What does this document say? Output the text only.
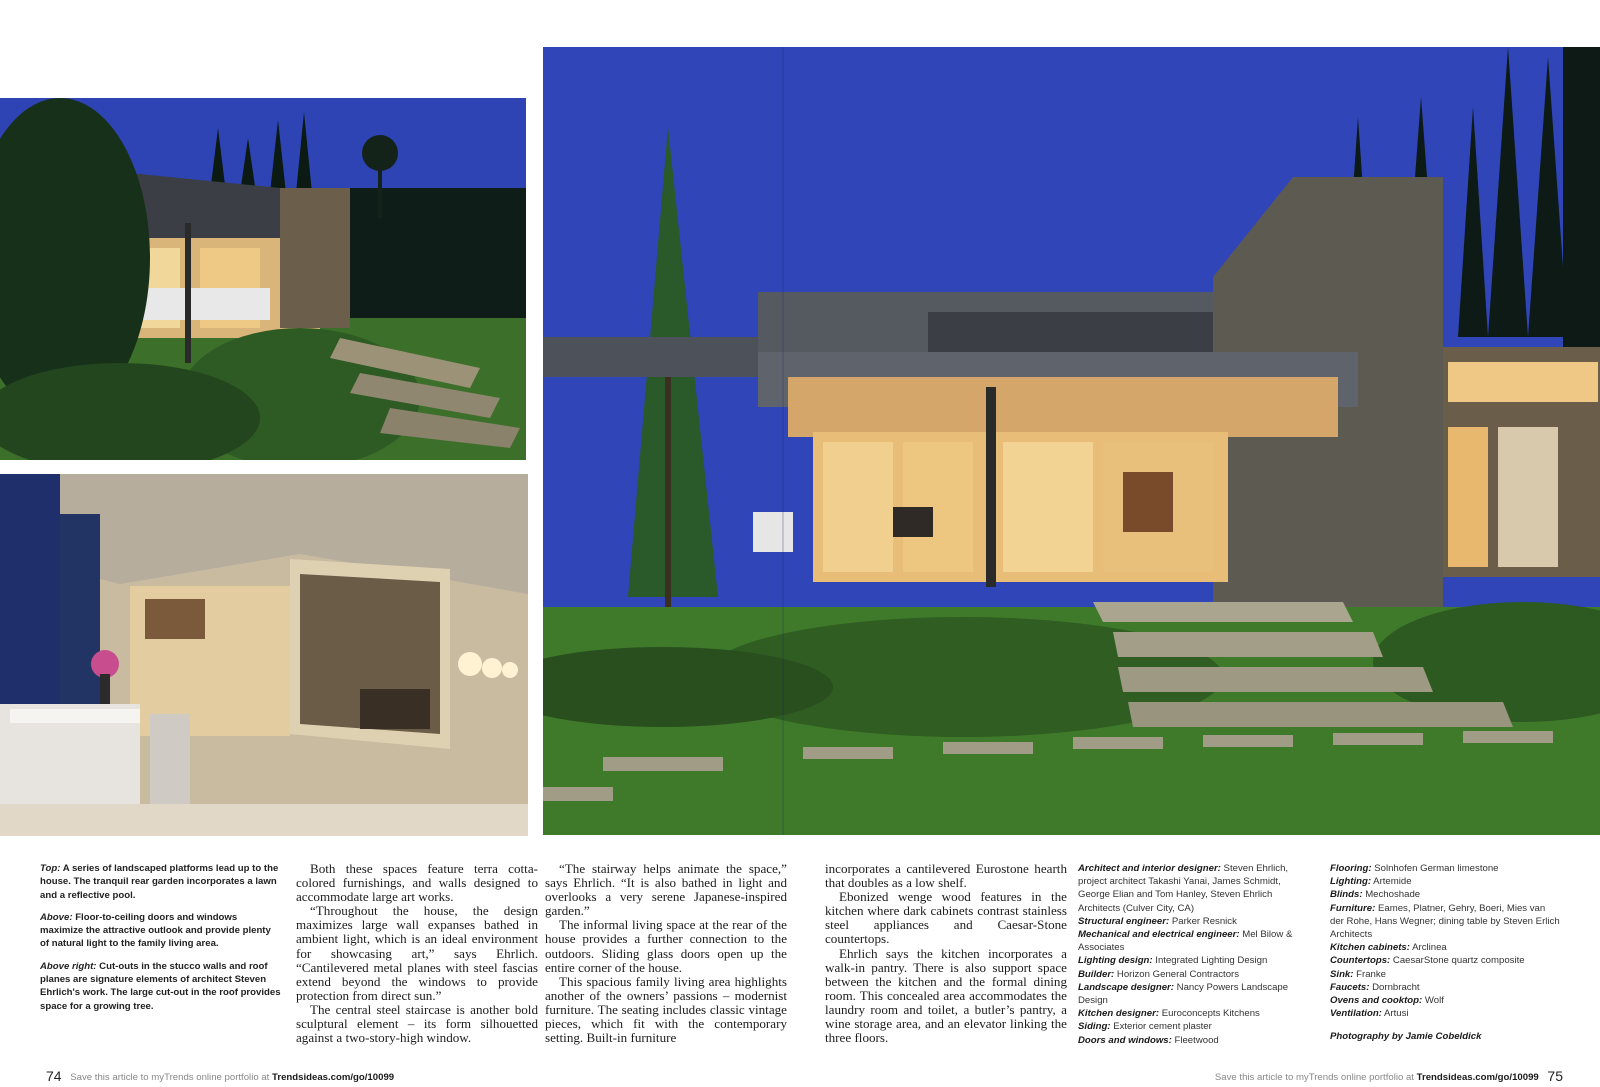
Top: A series of landscaped platforms lead up to the house. The tranquil rear garden incorporates a lawn and a reflective pool.

Above: Floor-to-ceiling doors and windows maximize the attractive outlook and provide plenty of natural light to the family living area.

Above right: Cut-outs in the stucco walls and roof planes are signature elements of architect Steven Ehrlich's work. The large cut-out in the roof provides space for a growing tree.

Both these spaces feature terra cotta-colored furnishings, and walls designed to accommodate large art works.

“Throughout the house, the design maximizes large wall expanses bathed in ambient light, which is an ideal environment for showcasing art,” says Ehrlich. “Cantilevered metal planes with steel fascias extend beyond the windows to provide protection from direct sun.”

The central steel staircase is another bold sculptural element – its form silhouetted against a two-story-high window.

“The stairway helps animate the space,” says Ehrlich. “It is also bathed in light and overlooks a very serene Japanese-inspired garden.”

The informal living space at the rear of the house provides a further connection to the outdoors. Sliding glass doors open up the entire corner of the house.

This spacious family living area highlights another of the owners’ passions – modernist furniture. The seating includes classic vintage pieces, which fit with the contemporary setting. Built-in furniture

incorporates a cantilevered Eurostone hearth that doubles as a low shelf.

Ebonized wenge wood features in the kitchen where dark cabinets contrast stainless steel appliances and Caesar-Stone countertops.

Ehrlich says the kitchen incorporates a walk-in pantry. There is also support space between the kitchen and the formal dining room. This concealed area accommodates the laundry room and toilet, a butler’s pantry, a wine storage area, and an elevator linking the three floors.

Architect and interior designer: Steven Ehrlich, project architect Takashi Yanai, James Schmidt, George Elian and Tom Hanley, Steven Ehrlich Architects (Culver City, CA)
Structural engineer: Parker Resnick
Mechanical and electrical engineer: Mel Bilow & Associates
Lighting design: Integrated Lighting Design
Builder: Horizon General Contractors
Landscape designer: Nancy Powers Landscape Design
Kitchen designer: Euroconcepts Kitchens
Siding: Exterior cement plaster
Doors and windows: Fleetwood
Flooring: Solnhofen German limestone
Lighting: Artemide
Blinds: Mechoshade
Furniture: Eames, Platner, Gehry, Boeri, Mies van der Rohe, Hans Wegner; dining table by Steven Erlich Architects
Kitchen cabinets: Arclinea
Countertops: CaesarStone quartz composite
Sink: Franke
Faucets: Dornbracht
Ovens and cooktop: Wolf
Ventilation: Artusi
Photography by Jamie Cobeldick
74 Save this article to myTrends online portfolio at Trendsideas.com/go/10099	Save this article to myTrends online portfolio at Trendsideas.com/go/10099 75
